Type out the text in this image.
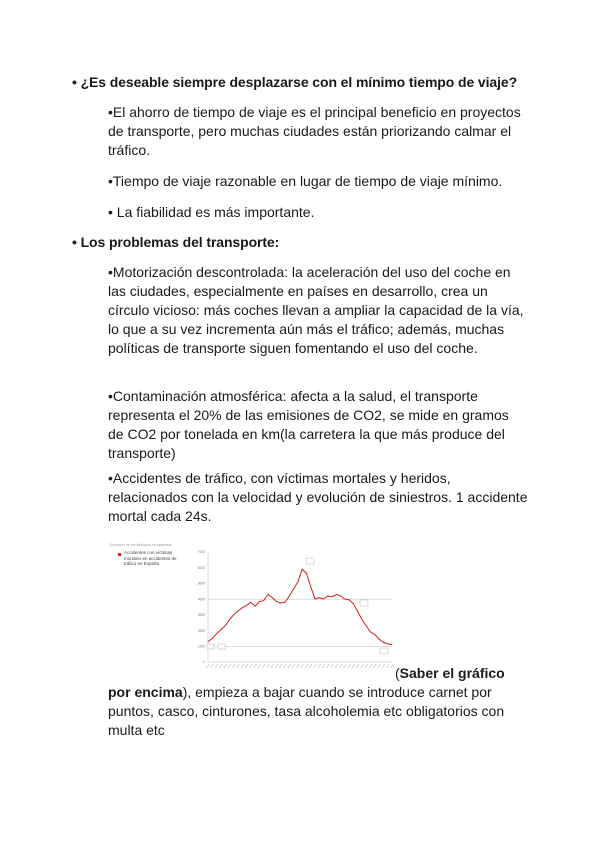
• ¿Es deseable siempre desplazarse con el mínimo tiempo de viaje?

•El ahorro de tiempo de viaje es el principal beneficio en proyectos de transporte, pero muchas ciudades están priorizando calmar el tráfico.

•Tiempo de viaje razonable en lugar de tiempo de viaje mínimo.

• La fiabilidad es más importante.

• Los problemas del transporte:

•Motorización descontrolada: la aceleración del uso del coche en las ciudades, especialmente en países en desarrollo, crea un círculo vicioso: más coches llevan a ampliar la capacidad de la vía, lo que a su vez incrementa aún más el tráfico; además, muchas políticas de transporte siguen fomentando el uso del coche.

•Contaminación atmosférica: afecta a la salud, el transporte representa el 20% de las emisiones de CO2, se mide en gramos de CO2 por tonelada en km(la carretera la que más produce del transporte)

•Accidentes de tráfico, con víctimas mortales y heridos, relacionados con la velocidad y evolución de siniestros. 1 accidente mortal cada 24s.

Evolución de los fallecidos en siniestros
Accidentes con víctimas mortales en accidentes de tráfico en España
7000
6000
5000
4000
3000
2000
1000
0
(Saber el gráfico por encima), empieza a bajar cuando se introduce carnet por puntos, casco, cinturones, tasa alcoholemia etc obligatorios con multa etc
